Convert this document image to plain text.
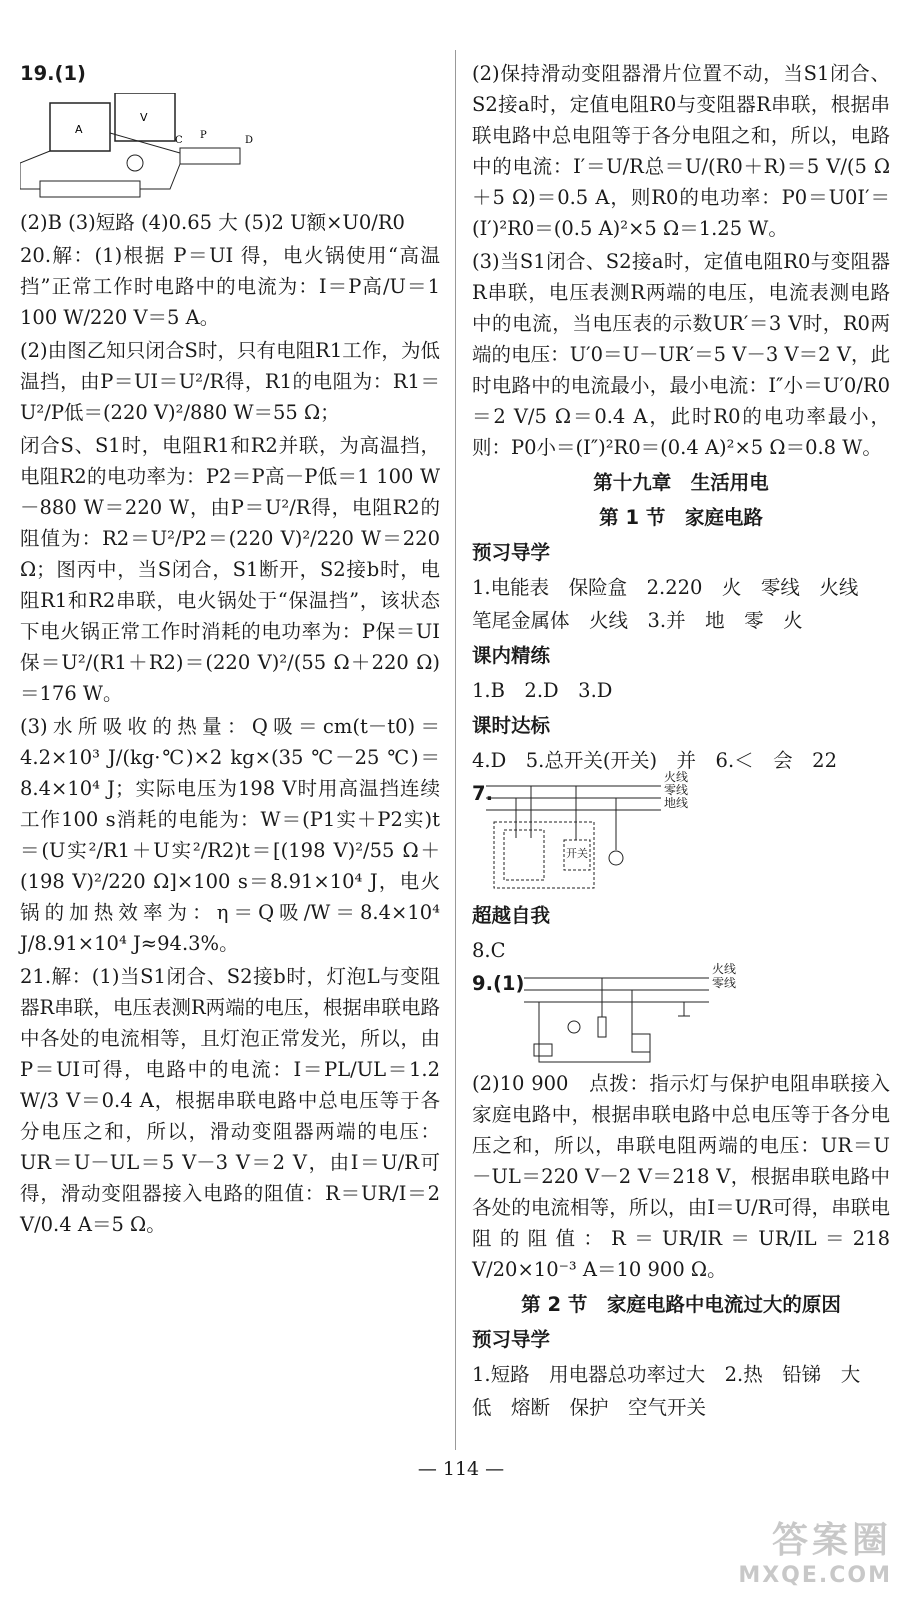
19.(1)
A
V
C P	D

(2)B (3)短路 (4)0.65 大 (5)2 U额×U0/R0

20.解：(1)根据 P＝UI 得，电火锅使用“高温挡”正常工作时电路中的电流为：I＝P高/U＝1 100 W/220 V＝5 A。

(2)由图乙知只闭合S时，只有电阻R1工作，为低温挡，由P＝UI＝U²/R得，R1的电阻为：R1＝U²/P低＝(220 V)²/880 W＝55 Ω；

闭合S、S1时，电阻R1和R2并联，为高温挡，电阻R2的电功率为：P2＝P高－P低＝1 100 W－880 W＝220 W，由P＝U²/R得，电阻R2的阻值为：R2＝U²/P2＝(220 V)²/220 W＝220 Ω；图丙中，当S闭合，S1断开，S2接b时，电阻R1和R2串联，电火锅处于“保温挡”，该状态下电火锅正常工作时消耗的电功率为：P保＝UI保＝U²/(R1＋R2)＝(220 V)²/(55 Ω＋220 Ω)＝176 W。

(3)水所吸收的热量：Q吸＝cm(t－t0)＝4.2×10³ J/(kg·℃)×2 kg×(35 ℃－25 ℃)＝8.4×10⁴ J；实际电压为198 V时用高温挡连续工作100 s消耗的电能为：W＝(P1实＋P2实)t＝(U实²/R1＋U实²/R2)t＝[(198 V)²/55 Ω＋(198 V)²/220 Ω]×100 s＝8.91×10⁴ J，电火锅的加热效率为：η＝Q吸/W＝8.4×10⁴ J/8.91×10⁴ J≈94.3%。

21.解：(1)当S1闭合、S2接b时，灯泡L与变阻器R串联，电压表测R两端的电压，根据串联电路中各处的电流相等，且灯泡正常发光，所以，由P＝UI可得，电路中的电流：I＝PL/UL＝1.2 W/3 V＝0.4 A，根据串联电路中总电压等于各分电压之和，所以，滑动变阻器两端的电压：UR＝U－UL＝5 V－3 V＝2 V，由I＝U/R可得，滑动变阻器接入电路的阻值：R＝UR/I＝2 V/0.4 A＝5 Ω。

(2)保持滑动变阻器滑片位置不动，当S1闭合、S2接a时，定值电阻R0与变阻器R串联，根据串联电路中总电阻等于各分电阻之和，所以，电路中的电流：I′＝U/R总＝U/(R0＋R)＝5 V/(5 Ω＋5 Ω)＝0.5 A，则R0的电功率：P0＝U0I′＝(I′)²R0＝(0.5 A)²×5 Ω＝1.25 W。

(3)当S1闭合、S2接a时，定值电阻R0与变阻器R串联，电压表测R两端的电压，电流表测电路中的电流，当电压表的示数UR′＝3 V时，R0两端的电压：U′0＝U－UR′＝5 V－3 V＝2 V，此时电路中的电流最小，最小电流：I″小＝U′0/R0＝2 V/5 Ω＝0.4 A，此时R0的电功率最小，则：P0小＝(I″)²R0＝(0.4 A)²×5 Ω＝0.8 W。

第十九章　生活用电
第 1 节　家庭电路
预习导学

1.电能表　保险盒　2.220　火　零线　火线

笔尾金属体　火线　3.并　地　零　火

课内精练

1.B　2.D　3.D

课时达标

4.D　5.总开关(开关)　并　6.＜　会　22

7.
火线
零线
地线
开关
超越自我

8.C

9.(1)
火线
零线

(2)10 900　点拨：指示灯与保护电阻串联接入家庭电路中，根据串联电路中总电压等于各分电压之和，所以，串联电阻两端的电压：UR＝U－UL＝220 V－2 V＝218 V，根据串联电路中各处的电流相等，所以，由I＝U/R可得，串联电阻的阻值：R＝UR/IR＝UR/IL＝218 V/20×10⁻³ A＝10 900 Ω。

第 2 节　家庭电路中电流过大的原因
预习导学

1.短路　用电器总功率过大　2.热　铅锑　大

低　熔断　保护　空气开关

— 114 —
答案圈
MXQE.COM
